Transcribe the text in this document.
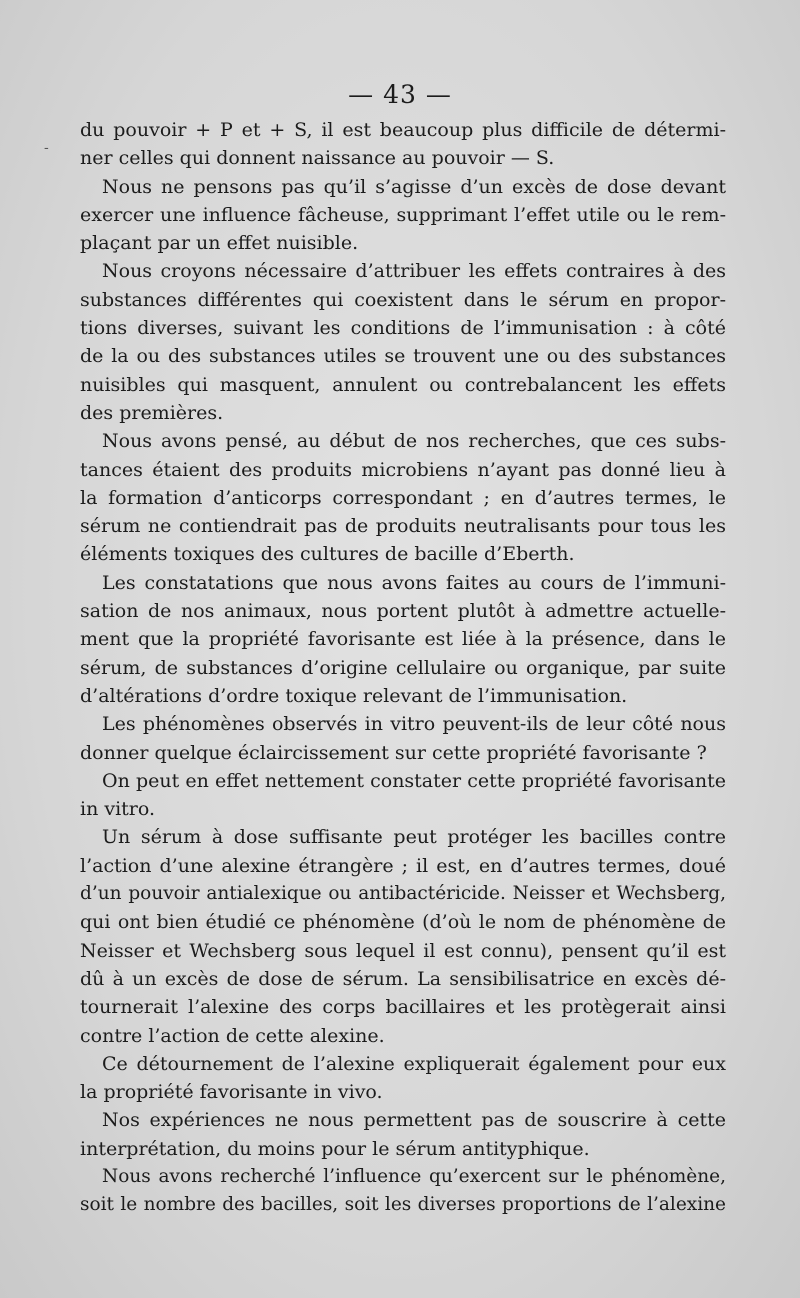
— 43 —
-
du pouvoir + P et + S, il est beaucoup plus difficile de détermi-
ner celles qui donnent naissance au pouvoir — S.
Nous ne pensons pas qu’il s’agisse d’un excès de dose devant
exercer une influence fâcheuse, supprimant l’effet utile ou le rem-
plaçant par un effet nuisible.
Nous croyons nécessaire d’attribuer les effets contraires à des
substances différentes qui coexistent dans le sérum en propor-
tions diverses, suivant les conditions de l’immunisation : à côté
de la ou des substances utiles se trouvent une ou des substances
nuisibles qui masquent, annulent ou contrebalancent les effets
des premières.
Nous avons pensé, au début de nos recherches, que ces subs-
tances étaient des produits microbiens n’ayant pas donné lieu à
la formation d’anticorps correspondant ; en d’autres termes, le
sérum ne contiendrait pas de produits neutralisants pour tous les
éléments toxiques des cultures de bacille d’Eberth.
Les constatations que nous avons faites au cours de l’immuni-
sation de nos animaux, nous portent plutôt à admettre actuelle-
ment que la propriété favorisante est liée à la présence, dans le
sérum, de substances d’origine cellulaire ou organique, par suite
d’altérations d’ordre toxique relevant de l’immunisation.
Les phénomènes observés in vitro peuvent-ils de leur côté nous
donner quelque éclaircissement sur cette propriété favorisante ?
On peut en effet nettement constater cette propriété favorisante
in vitro.
Un sérum à dose suffisante peut protéger les bacilles contre
l’action d’une alexine étrangère ; il est, en d’autres termes, doué
d’un pouvoir antialexique ou antibactéricide. Neisser et Wechsberg,
qui ont bien étudié ce phénomène (d’où le nom de phénomène de
Neisser et Wechsberg sous lequel il est connu), pensent qu’il est
dû à un excès de dose de sérum. La sensibilisatrice en excès dé-
tournerait l’alexine des corps bacillaires et les protègerait ainsi
contre l’action de cette alexine.
Ce détournement de l’alexine expliquerait également pour eux
la propriété favorisante in vivo.
Nos expériences ne nous permettent pas de souscrire à cette
interprétation, du moins pour le sérum antityphique.
Nous avons recherché l’influence qu’exercent sur le phénomène,
soit le nombre des bacilles, soit les diverses proportions de l’alexine
